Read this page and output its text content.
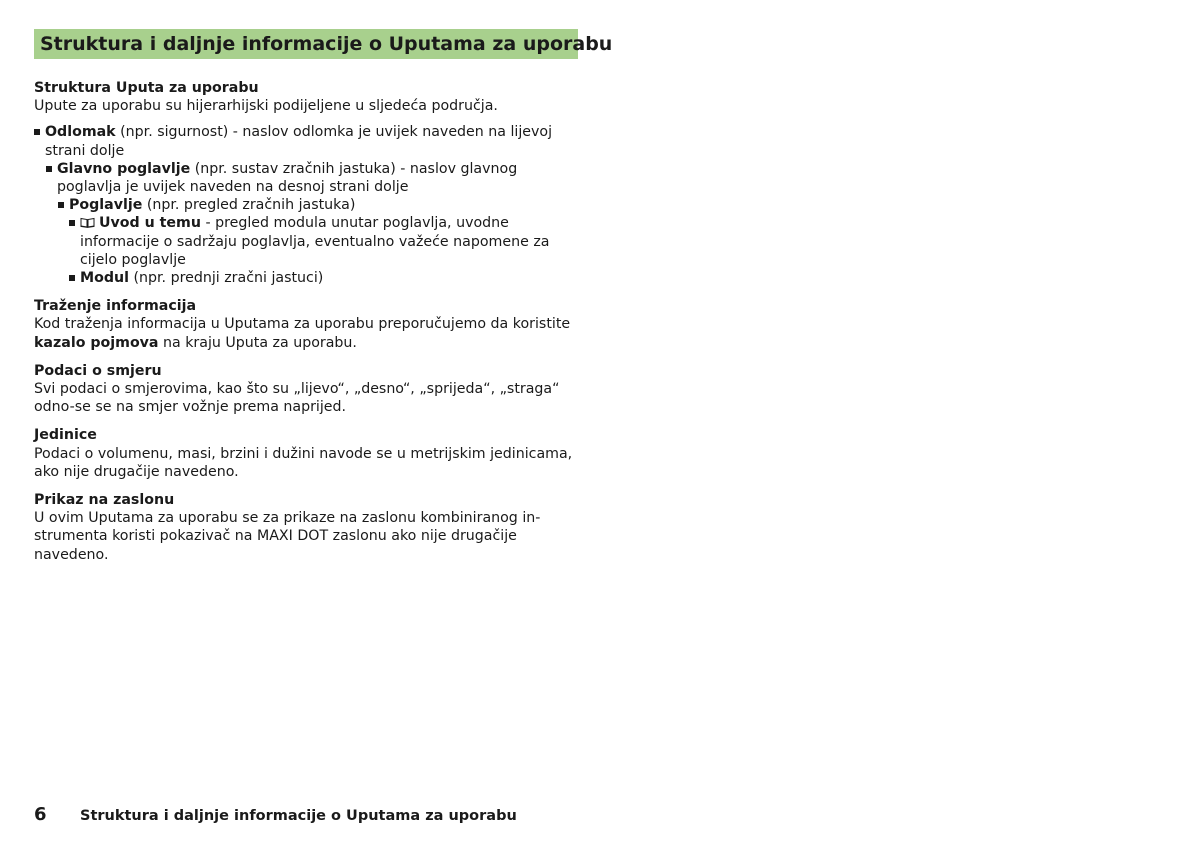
Struktura i daljnje informacije o Uputama za uporabu
Struktura Uputa za uporabu

Upute za uporabu su hijerarhijski podijeljene u sljedeća područja.

Odlomak (npr. sigurnost) - naslov odlomka je uvijek naveden na lijevoj strani dolje
Glavno poglavlje (npr. sustav zračnih jastuka) - naslov glavnog poglavlja je uvijek naveden na desnoj strani dolje
Poglavlje (npr. pregled zračnih jastuka)
Uvod u temu - pregled modula unutar poglavlja, uvodne informacije o sadržaju poglavlja, eventualno važeće napomene za cijelo poglavlje
Modul (npr. prednji zračni jastuci)
Traženje informacija

Kod traženja informacija u Uputama za uporabu preporučujemo da koristite kazalo pojmova na kraju Uputa za uporabu.

Podaci o smjeru

Svi podaci o smjerovima, kao što su „lijevo“, „desno“, „sprijeda“, „straga“ odno-se se na smjer vožnje prema naprijed.

Jedinice

Podaci o volumenu, masi, brzini i dužini navode se u metrijskim jedinicama, ako nije drugačije navedeno.

Prikaz na zaslonu

U ovim Uputama za uporabu se za prikaze na zaslonu kombiniranog in-strumenta koristi pokazivač na MAXI DOT zaslonu ako nije drugačije navedeno.

6 Struktura i daljnje informacije o Uputama za uporabu
